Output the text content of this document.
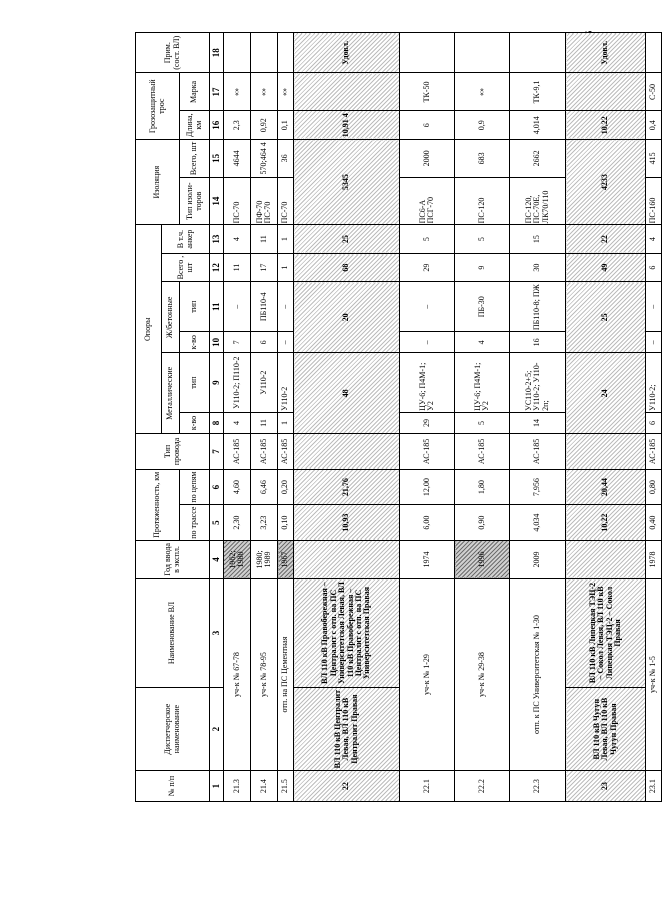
№ п/п	Диспетчерское наименование	Наименование ВЛ	Год ввода в экспл.	Протяженность, км		Тип провода	Опоры						Изоляция		Грозозащитный трос		Прим. (сост. ВЛ)
							Металлические		Ж/бетонные		Всего , шт	В т.ч. анкер					
				по трассе	по цепям		к-во	тип	к-во	тип			Тип изоли-торов	Всего, шт	Длина, км	Марка	
1	2	3	4	5	6	7	8	9	10	11	12	13	14	15	16	17	18
21.3	уч-к № 67-78		1962; 1980	2,30	4,60	АС-185	4	У110-2; П110-2	7	–	11	4	ПС-70	4644	2,3	«»	
21.4	уч-к № 78-95		1980; 1989	3,23	6,46	АС-185	11	У110-2	6	ПБ110-4	17	11	ПФ-70 ПС-70	570;464 4	0,92	«»	
21.5	отп. на ПС Цементная		1967	0,10	0,20	АС-185	1	У110-2	–	–	1	1	ПС-70	36	0,1	«»	
22	ВЛ 110 кВ Централит Левая, ВЛ 110 кВ Централит Правая	ВЛ 110 кВ Правобережная – Централит с отп. на ПС Университетская Левая, ВЛ 110 кВ Правобережная – Централит с отп. на ПС Университетская Правая		10,93	21,76		48		20		68	25	5345		10,91 4		Удовл.
22.1	уч-к № 1-29		1974	6,00	12,00	АС-185	29	ЦУ-6; П4М-1; У2	–	–	29	5	ПС6-А ПСГ-70	2000	6	ТК-50	
22.2	уч-к № 29-38		1996	0,90	1,80	АС-185	5	ЦУ-6; П4М-1; У2	4	ПБ-30	9	5	ПС-120	683	0,9	«»	
22.3	отп. к ПС Университетская № 1-30		2009	4,034	7,956	АС-185	14	УС110-2+5; У110-2; У110-2п;	16	ПБ110-8; ПЖ	30	15	ПС-120, ПС-70Е, ЛК70/110	2662	4,014	ТК-9,1	
23	ВЛ 110 кВ Чугун Левая, ВЛ 110 кВ Чугун Правая	ВЛ 110 кВ Липецкая ТЭЦ-2 – Сокол Левая, ВЛ 110 кВ Липецкая ТЭЦ-2 – Сокол Правая		10,22	20,44		24		25		49	22	4233		10,22		Удовл.
23.1	уч-к № 1-5		1978	0,40	0,80	АС-185	6	У110-2;	–	–	6	4	ПС-160	415	0,4	С-50	
